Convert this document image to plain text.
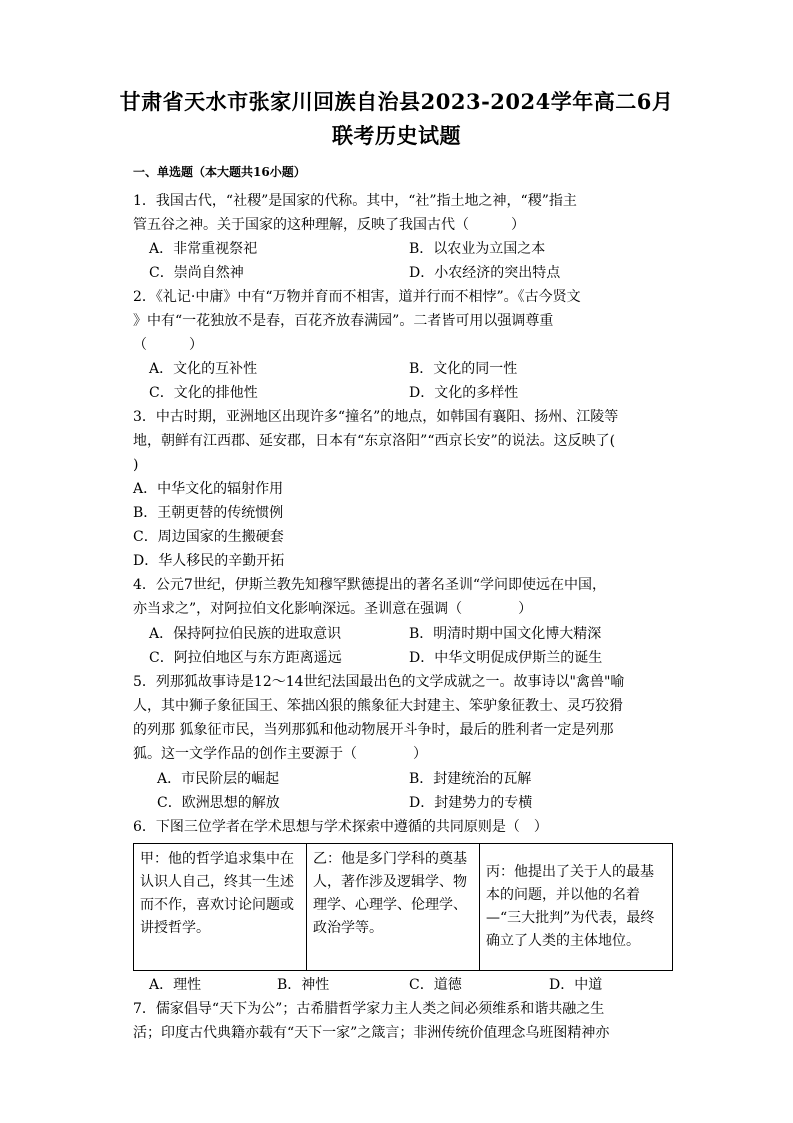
甘肃省天水市张家川回族自治县2023-2024学年高二6月
联考历史试题
一、单选题（本大题共16小题）
1．我国古代，“社稷”是国家的代称。其中，“社”指土地之神，“稷”指主
管五谷之神。关于国家的这种理解，反映了我国古代（　　　）
A．非常重视祭祀	B．以农业为立国之本
C．崇尚自然神	D．小农经济的突出特点
2．《礼记·中庸》中有“万物并育而不相害，道并行而不相悖”。《古今贤文
》中有“一花独放不是春，百花齐放春满园”。二者皆可用以强调尊重
（　　　）
A．文化的互补性	B．文化的同一性
C．文化的排他性	D．文化的多样性
3．中古时期，亚洲地区出现许多“撞名”的地点，如韩国有襄阳、扬州、江陵等
地，朝鲜有江西郡、延安郡，日本有“东京洛阳”“西京长安”的说法。这反映了(
)
A．中华文化的辐射作用
B．王朝更替的传统惯例
C．周边国家的生搬硬套
D．华人移民的辛勤开拓
4．公元7世纪，伊斯兰教先知穆罕默德提出的著名圣训“学问即使远在中国，
亦当求之”，对阿拉伯文化影响深远。圣训意在强调（　　　　）
A．保持阿拉伯民族的进取意识	B．明清时期中国文化博大精深
C．阿拉伯地区与东方距离遥远	D．中华文明促成伊斯兰的诞生
5．列那狐故事诗是12～14世纪法国最出色的文学成就之一。故事诗以"禽兽"喻
人，其中狮子象征国王、笨拙凶狠的熊象征大封建主、笨驴象征教士、灵巧狡猾
的列那 狐象征市民，当列那狐和他动物展开斗争时，最后的胜利者一定是列那
狐。这一文学作品的创作主要源于（　　　　）
A．市民阶层的崛起	B．封建统治的瓦解
C．欧洲思想的解放	D．封建势力的专横
6．下图三位学者在学术思想与学术探索中遵循的共同原则是（　）
甲：他的哲学追求集中在认识人自己，终其一生述而不作，喜欢讨论问题或讲授哲学。	乙：他是多门学科的奠基人，著作涉及逻辑学、物理学、心理学、伦理学、政治学等。	丙：他提出了关于人的最基本的问题，并以他的名着—“三大批判”为代表，最终确立了人类的主体地位。
A．理性	B．神性	C．道德	D．中道
7．儒家倡导“天下为公”；古希腊哲学家力主人类之间必须维系和谐共融之生
活；印度古代典籍亦载有“天下一家”之箴言；非洲传统价值理念乌班图精神亦
